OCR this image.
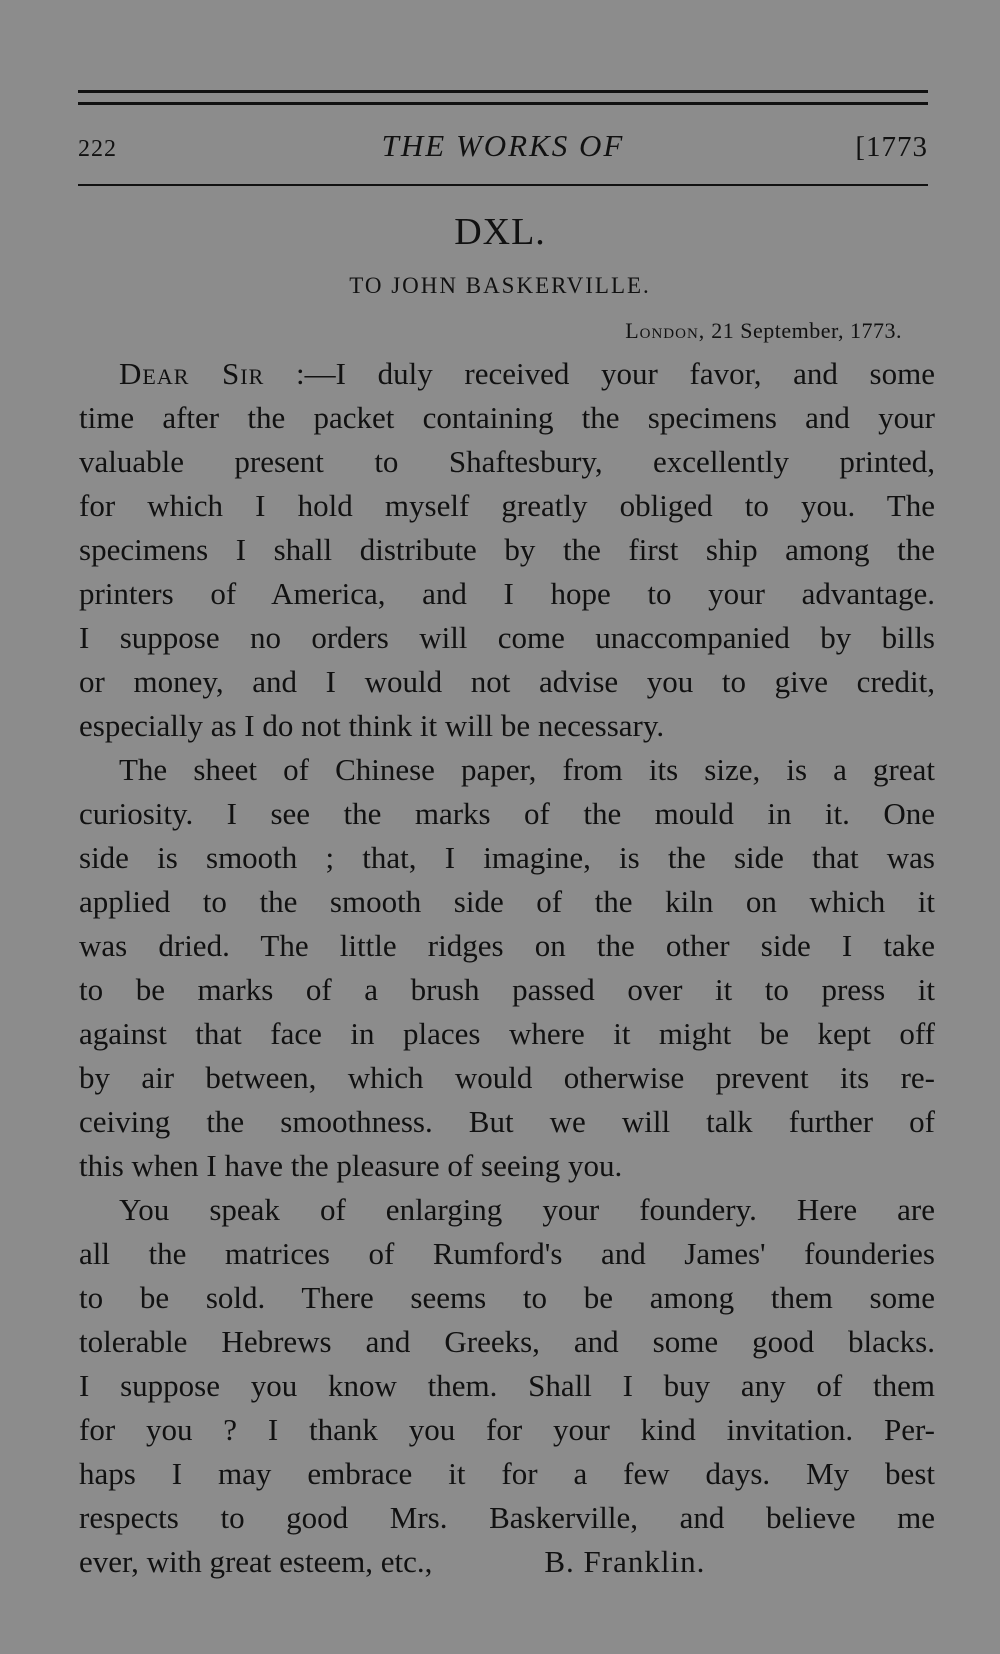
222	THE WORKS OF	[1773
DXL.
TO JOHN BASKERVILLE.
London, 21 September, 1773.
Dear Sir :—I duly received your favor, and some
time after the packet containing the specimens and your
valuable present to Shaftesbury, excellently printed,
for which I hold myself greatly obliged to you. The
specimens I shall distribute by the first ship among the
printers of America, and I hope to your advantage.
I suppose no orders will come unaccompanied by bills
or money, and I would not advise you to give credit,
especially as I do not think it will be necessary.
The sheet of Chinese paper, from its size, is a great
curiosity. I see the marks of the mould in it. One
side is smooth ; that, I imagine, is the side that was
applied to the smooth side of the kiln on which it
was dried. The little ridges on the other side I take
to be marks of a brush passed over it to press it
against that face in places where it might be kept off
by air between, which would otherwise prevent its re-
ceiving the smoothness. But we will talk further of
this when I have the pleasure of seeing you.
You speak of enlarging your foundery. Here are
all the matrices of Rumford's and James' founderies
to be sold. There seems to be among them some
tolerable Hebrews and Greeks, and some good blacks.
I suppose you know them. Shall I buy any of them
for you ? I thank you for your kind invitation. Per-
haps I may embrace it for a few days. My best
respects to good Mrs. Baskerville, and believe me
ever, with great esteem, etc.,	B. Franklin.
